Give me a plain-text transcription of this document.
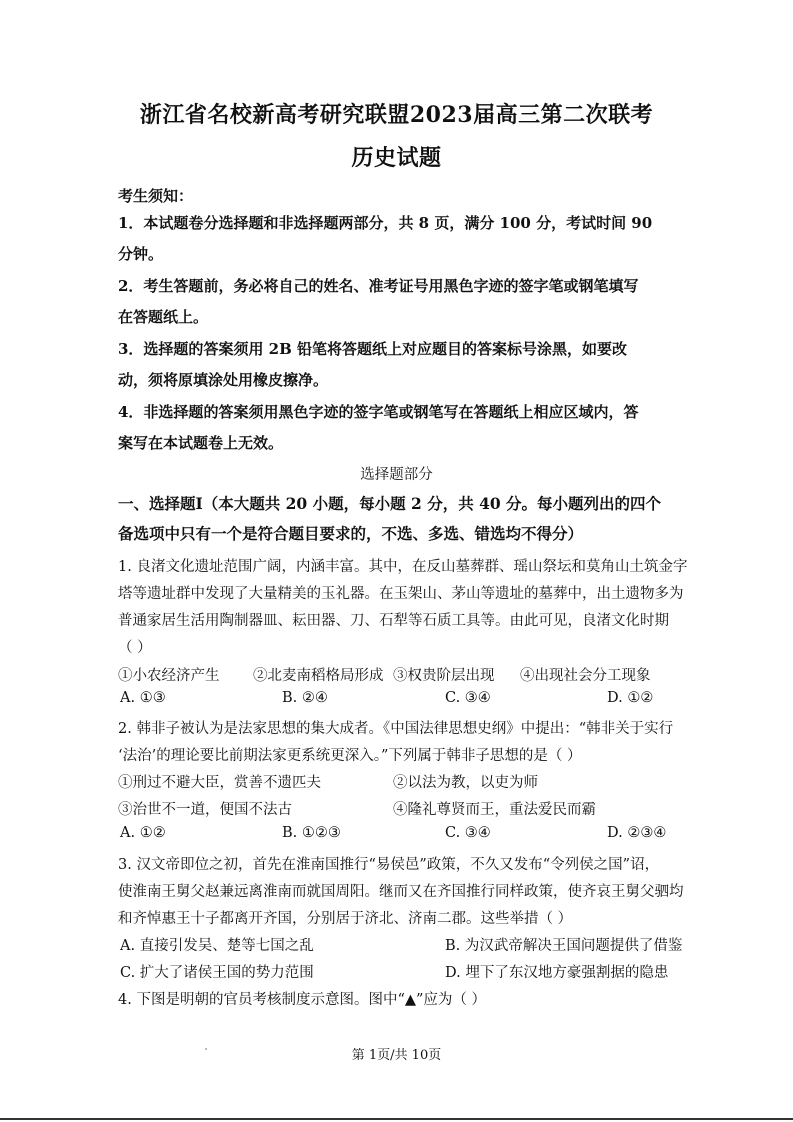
浙江省名校新高考研究联盟2023届高三第二次联考
历史试题
考生须知：
1．本试题卷分选择题和非选择题两部分，共 8 页，满分 100 分，考试时间 90
分钟。
2．考生答题前，务必将自己的姓名、准考证号用黑色字迹的签字笔或钢笔填写
在答题纸上。
3．选择题的答案须用 2B 铅笔将答题纸上对应题目的答案标号涂黑，如要改
动，须将原填涂处用橡皮擦净。
4．非选择题的答案须用黑色字迹的签字笔或钢笔写在答题纸上相应区域内，答
案写在本试题卷上无效。
选择题部分
一、选择题Ⅰ（本大题共 20 小题，每小题 2 分，共 40 分。每小题列出的四个
备选项中只有一个是符合题目要求的，不选、多选、错选均不得分）
1. 良渚文化遗址范围广阔，内涵丰富。其中，在反山墓葬群、瑶山祭坛和莫角山土筑金字
塔等遗址群中发现了大量精美的玉礼器。在玉架山、茅山等遗址的墓葬中，出土遗物多为
普通家居生活用陶制器皿、耘田器、刀、石犁等石质工具等。由此可见，良渚文化时期
（ ）
①小农经济产生 ②北麦南稻格局形成 ③权贵阶层出现 ④出现社会分工现象
A. ①③	B. ②④	C. ③④	D. ①②
2. 韩非子被认为是法家思想的集大成者。《中国法律思想史纲》中提出：“韩非关于实行
‘法治’的理论要比前期法家更系统更深入。”下列属于韩非子思想的是（ ）
①刑过不避大臣，赏善不遗匹夫	②以法为教，以吏为师
③治世不一道，便国不法古	④隆礼尊贤而王，重法爱民而霸
A. ①②	B. ①②③	C. ③④	D. ②③④
3. 汉文帝即位之初，首先在淮南国推行“易侯邑”政策，不久又发布“令列侯之国”诏，
使淮南王舅父赵兼远离淮南而就国周阳。继而又在齐国推行同样政策，使齐哀王舅父驷均
和齐悼惠王十子都离开齐国，分别居于济北、济南二郡。这些举措（ ）
A. 直接引发吴、楚等七国之乱	B. 为汉武帝解决王国问题提供了借鉴
C. 扩大了诸侯王国的势力范围	D. 埋下了东汉地方豪强割据的隐患
4. 下图是明朝的官员考核制度示意图。图中“▲”应为（ ）
第 1页/共 10页
